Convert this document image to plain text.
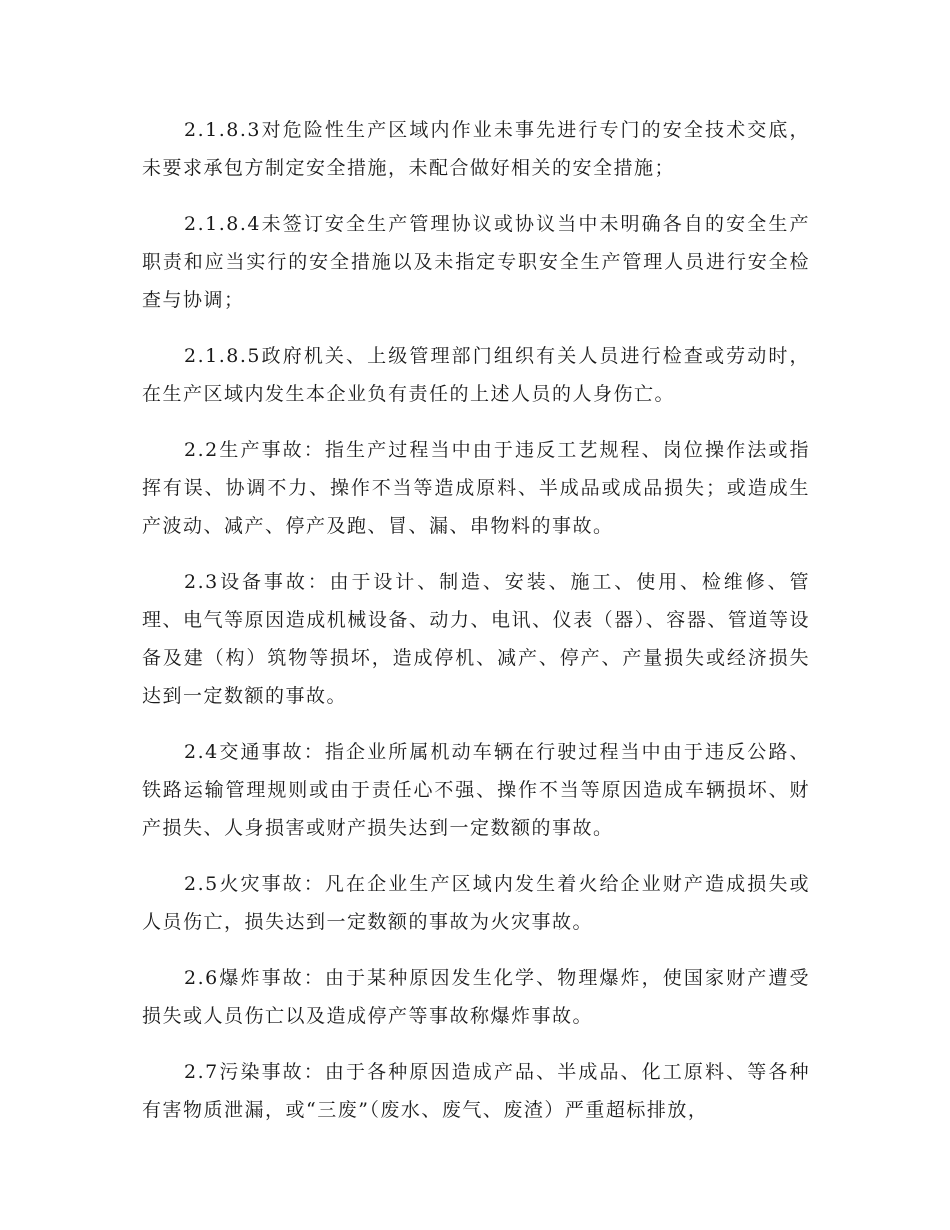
2.1.8.3对危险性生产区域内作业未事先进行专门的安全技术交底，未要求承包方制定安全措施，未配合做好相关的安全措施；

2.1.8.4未签订安全生产管理协议或协议当中未明确各自的安全生产职责和应当实行的安全措施以及未指定专职安全生产管理人员进行安全检查与协调；

2.1.8.5政府机关、上级管理部门组织有关人员进行检查或劳动时，在生产区域内发生本企业负有责任的上述人员的人身伤亡。

2.2生产事故：指生产过程当中由于违反工艺规程、岗位操作法或指挥有误、协调不力、操作不当等造成原料、半成品或成品损失；或造成生产波动、减产、停产及跑、冒、漏、串物料的事故。

2.3设备事故：由于设计、制造、安装、施工、使用、检维修、管理、电气等原因造成机械设备、动力、电讯、仪表（器）、容器、管道等设备及建（构）筑物等损坏，造成停机、减产、停产、产量损失或经济损失达到一定数额的事故。

2.4交通事故：指企业所属机动车辆在行驶过程当中由于违反公路、铁路运输管理规则或由于责任心不强、操作不当等原因造成车辆损坏、财产损失、人身损害或财产损失达到一定数额的事故。

2.5火灾事故：凡在企业生产区域内发生着火给企业财产造成损失或人员伤亡，损失达到一定数额的事故为火灾事故。

2.6爆炸事故：由于某种原因发生化学、物理爆炸，使国家财产遭受损失或人员伤亡以及造成停产等事故称爆炸事故。

2.7污染事故：由于各种原因造成产品、半成品、化工原料、等各种有害物质泄漏，或“三废”（废水、废气、废渣）严重超标排放，
